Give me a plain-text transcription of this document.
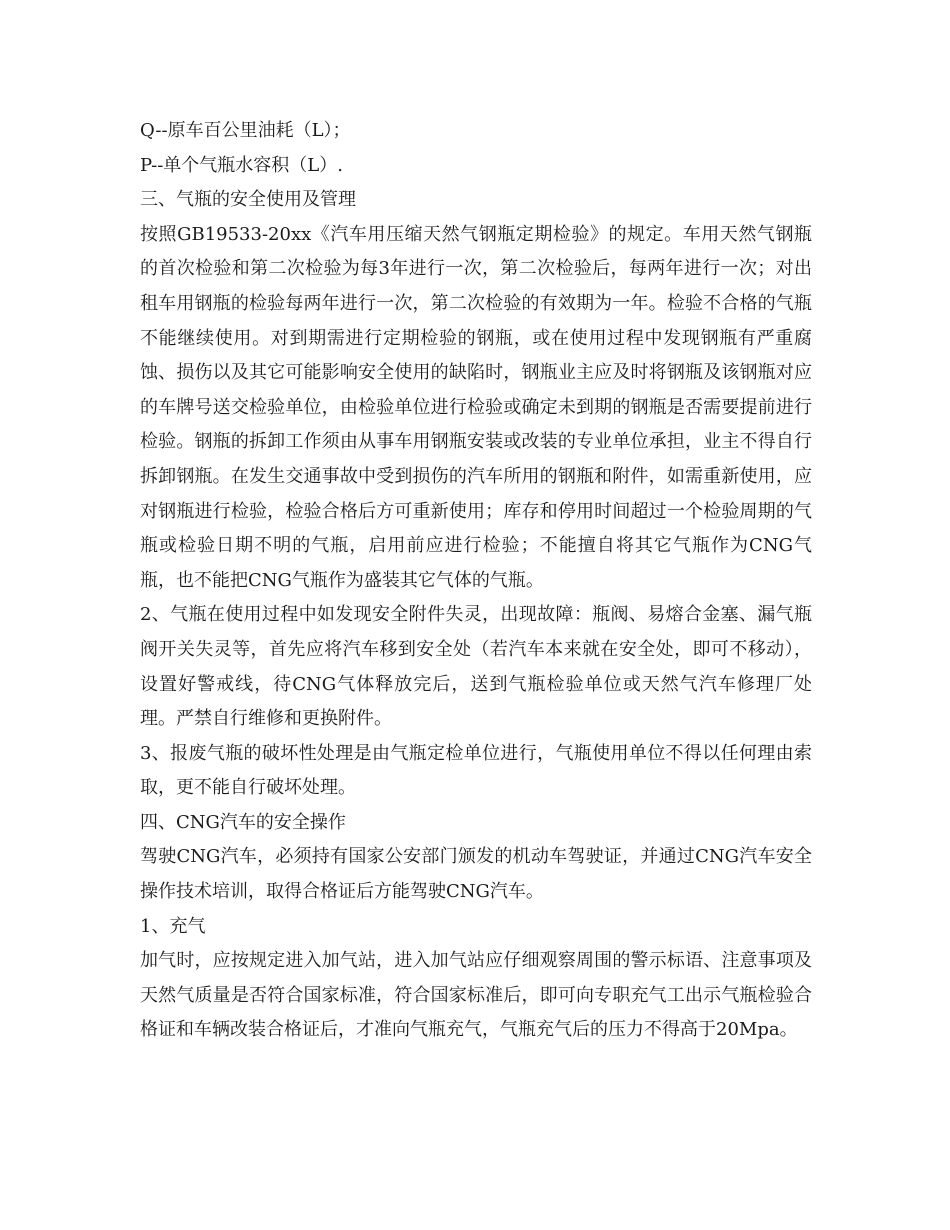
Q--原车百公里油耗（L）；
P--单个气瓶水容积（L）.
三、气瓶的安全使用及管理
按照GB19533-20xx《汽车用压缩天然气钢瓶定期检验》的规定。车用天然气钢瓶的首次检验和第二次检验为每3年进行一次，第二次检验后，每两年进行一次；对出租车用钢瓶的检验每两年进行一次，第二次检验的有效期为一年。检验不合格的气瓶不能继续使用。对到期需进行定期检验的钢瓶，或在使用过程中发现钢瓶有严重腐蚀、损伤以及其它可能影响安全使用的缺陷时，钢瓶业主应及时将钢瓶及该钢瓶对应的车牌号送交检验单位，由检验单位进行检验或确定未到期的钢瓶是否需要提前进行检验。钢瓶的拆卸工作须由从事车用钢瓶安装或改装的专业单位承担，业主不得自行拆卸钢瓶。在发生交通事故中受到损伤的汽车所用的钢瓶和附件，如需重新使用，应对钢瓶进行检验，检验合格后方可重新使用；库存和停用时间超过一个检验周期的气瓶或检验日期不明的气瓶，启用前应进行检验；不能擅自将其它气瓶作为CNG气瓶，也不能把CNG气瓶作为盛装其它气体的气瓶。
2、气瓶在使用过程中如发现安全附件失灵，出现故障：瓶阀、易熔合金塞、漏气瓶阀开关失灵等，首先应将汽车移到安全处（若汽车本来就在安全处，即可不移动），设置好警戒线，待CNG气体释放完后，送到气瓶检验单位或天然气汽车修理厂处理。严禁自行维修和更换附件。
3、报废气瓶的破坏性处理是由气瓶定检单位进行，气瓶使用单位不得以任何理由索取，更不能自行破坏处理。
四、CNG汽车的安全操作
驾驶CNG汽车，必须持有国家公安部门颁发的机动车驾驶证，并通过CNG汽车安全操作技术培训，取得合格证后方能驾驶CNG汽车。
1、充气
加气时，应按规定进入加气站，进入加气站应仔细观察周围的警示标语、注意事项及天然气质量是否符合国家标准，符合国家标准后，即可向专职充气工出示气瓶检验合格证和车辆改装合格证后，才准向气瓶充气，气瓶充气后的压力不得高于20Mpa。
